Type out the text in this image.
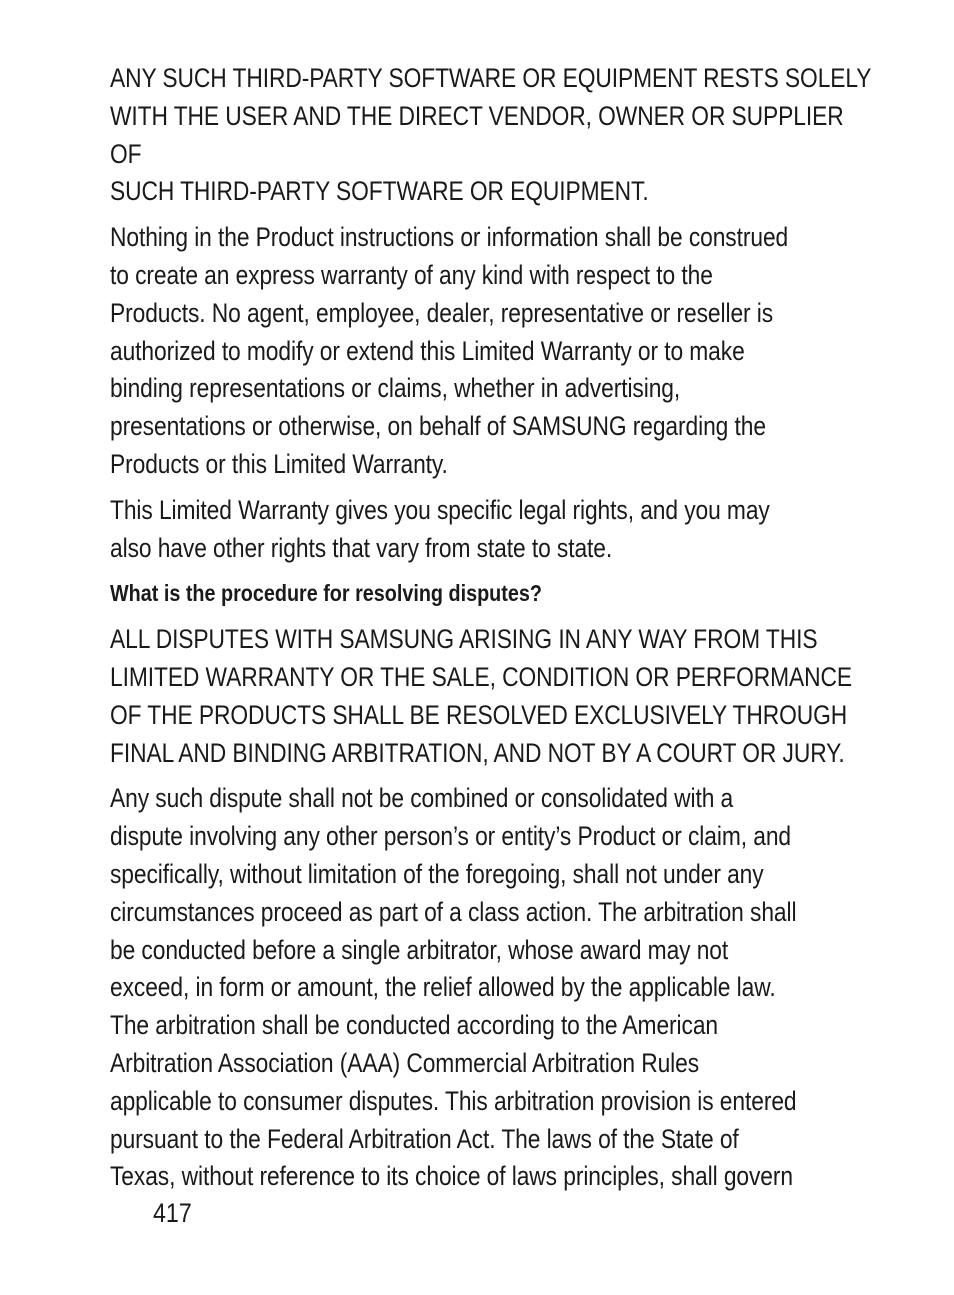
ANY SUCH THIRD-PARTY SOFTWARE OR EQUIPMENT RESTS SOLELY
WITH THE USER AND THE DIRECT VENDOR, OWNER OR SUPPLIER OF
SUCH THIRD-PARTY SOFTWARE OR EQUIPMENT.

Nothing in the Product instructions or information shall be construed
to create an express warranty of any kind with respect to the
Products. No agent, employee, dealer, representative or reseller is
authorized to modify or extend this Limited Warranty or to make
binding representations or claims, whether in advertising,
presentations or otherwise, on behalf of SAMSUNG regarding the
Products or this Limited Warranty.

This Limited Warranty gives you specific legal rights, and you may
also have other rights that vary from state to state.

What is the procedure for resolving disputes?

ALL DISPUTES WITH SAMSUNG ARISING IN ANY WAY FROM THIS
LIMITED WARRANTY OR THE SALE, CONDITION OR PERFORMANCE
OF THE PRODUCTS SHALL BE RESOLVED EXCLUSIVELY THROUGH
FINAL AND BINDING ARBITRATION, AND NOT BY A COURT OR JURY.

Any such dispute shall not be combined or consolidated with a
dispute involving any other person’s or entity’s Product or claim, and
specifically, without limitation of the foregoing, shall not under any
circumstances proceed as part of a class action. The arbitration shall
be conducted before a single arbitrator, whose award may not
exceed, in form or amount, the relief allowed by the applicable law.
The arbitration shall be conducted according to the American
Arbitration Association (AAA) Commercial Arbitration Rules
applicable to consumer disputes. This arbitration provision is entered
pursuant to the Federal Arbitration Act. The laws of the State of
Texas, without reference to its choice of laws principles, shall govern

417
